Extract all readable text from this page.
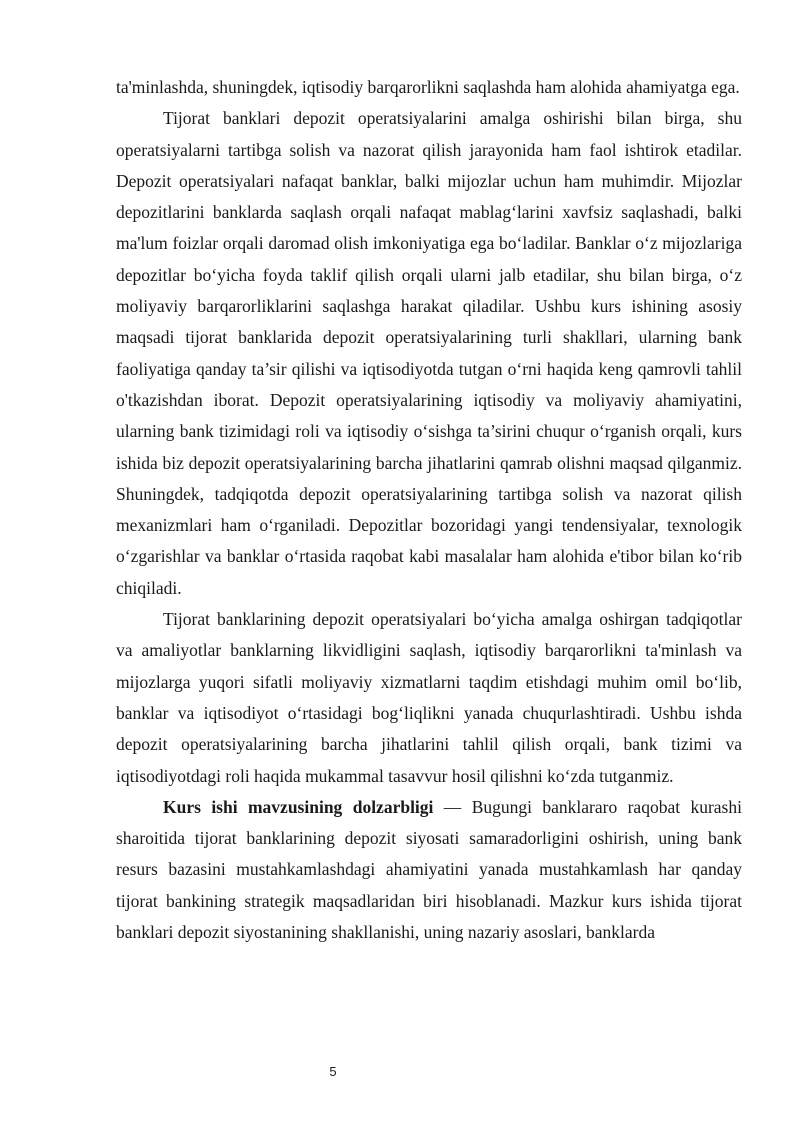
ta'minlashda, shuningdek, iqtisodiy barqarorlikni saqlashda ham alohida ahamiyatga ega.

Tijorat banklari depozit operatsiyalarini amalga oshirishi bilan birga, shu operatsiyalarni tartibga solish va nazorat qilish jarayonida ham faol ishtirok etadilar. Depozit operatsiyalari nafaqat banklar, balki mijozlar uchun ham muhimdir. Mijozlar depozitlarini banklarda saqlash orqali nafaqat mablag‘larini xavfsiz saqlashadi, balki ma'lum foizlar orqali daromad olish imkoniyatiga ega bo‘ladilar. Banklar o‘z mijozlariga depozitlar bo‘yicha foyda taklif qilish orqali ularni jalb etadilar, shu bilan birga, o‘z moliyaviy barqarorliklarini saqlashga harakat qiladilar. Ushbu kurs ishining asosiy maqsadi tijorat banklarida depozit operatsiyalarining turli shakllari, ularning bank faoliyatiga qanday ta’sir qilishi va iqtisodiyotda tutgan o‘rni haqida keng qamrovli tahlil o'tkazishdan iborat. Depozit operatsiyalarining iqtisodiy va moliyaviy ahamiyatini, ularning bank tizimidagi roli va iqtisodiy o‘sishga ta’sirini chuqur o‘rganish orqali, kurs ishida biz depozit operatsiyalarining barcha jihatlarini qamrab olishni maqsad qilganmiz. Shuningdek, tadqiqotda depozit operatsiyalarining tartibga solish va nazorat qilish mexanizmlari ham o‘rganiladi. Depozitlar bozoridagi yangi tendensiyalar, texnologik o‘zgarishlar va banklar o‘rtasida raqobat kabi masalalar ham alohida e'tibor bilan ko‘rib chiqiladi.

Tijorat banklarining depozit operatsiyalari bo‘yicha amalga oshirgan tadqiqotlar va amaliyotlar banklarning likvidligini saqlash, iqtisodiy barqarorlikni ta'minlash va mijozlarga yuqori sifatli moliyaviy xizmatlarni taqdim etishdagi muhim omil bo‘lib, banklar va iqtisodiyot o‘rtasidagi bog‘liqlikni yanada chuqurlashtiradi. Ushbu ishda depozit operatsiyalarining barcha jihatlarini tahlil qilish orqali, bank tizimi va iqtisodiyotdagi roli haqida mukammal tasavvur hosil qilishni ko‘zda tutganmiz.

Kurs ishi mavzusining dolzarbligi — Bugungi banklararo raqobat kurashi sharoitida tijorat banklarining depozit siyosati samaradorligini oshirish, uning bank resurs bazasini mustahkamlashdagi ahamiyatini yanada mustahkamlash har qanday tijorat bankining strategik maqsadlaridan biri hisoblanadi. Mazkur kurs ishida tijorat banklari depozit siyostanining shakllanishi, uning nazariy asoslari, banklarda

5
